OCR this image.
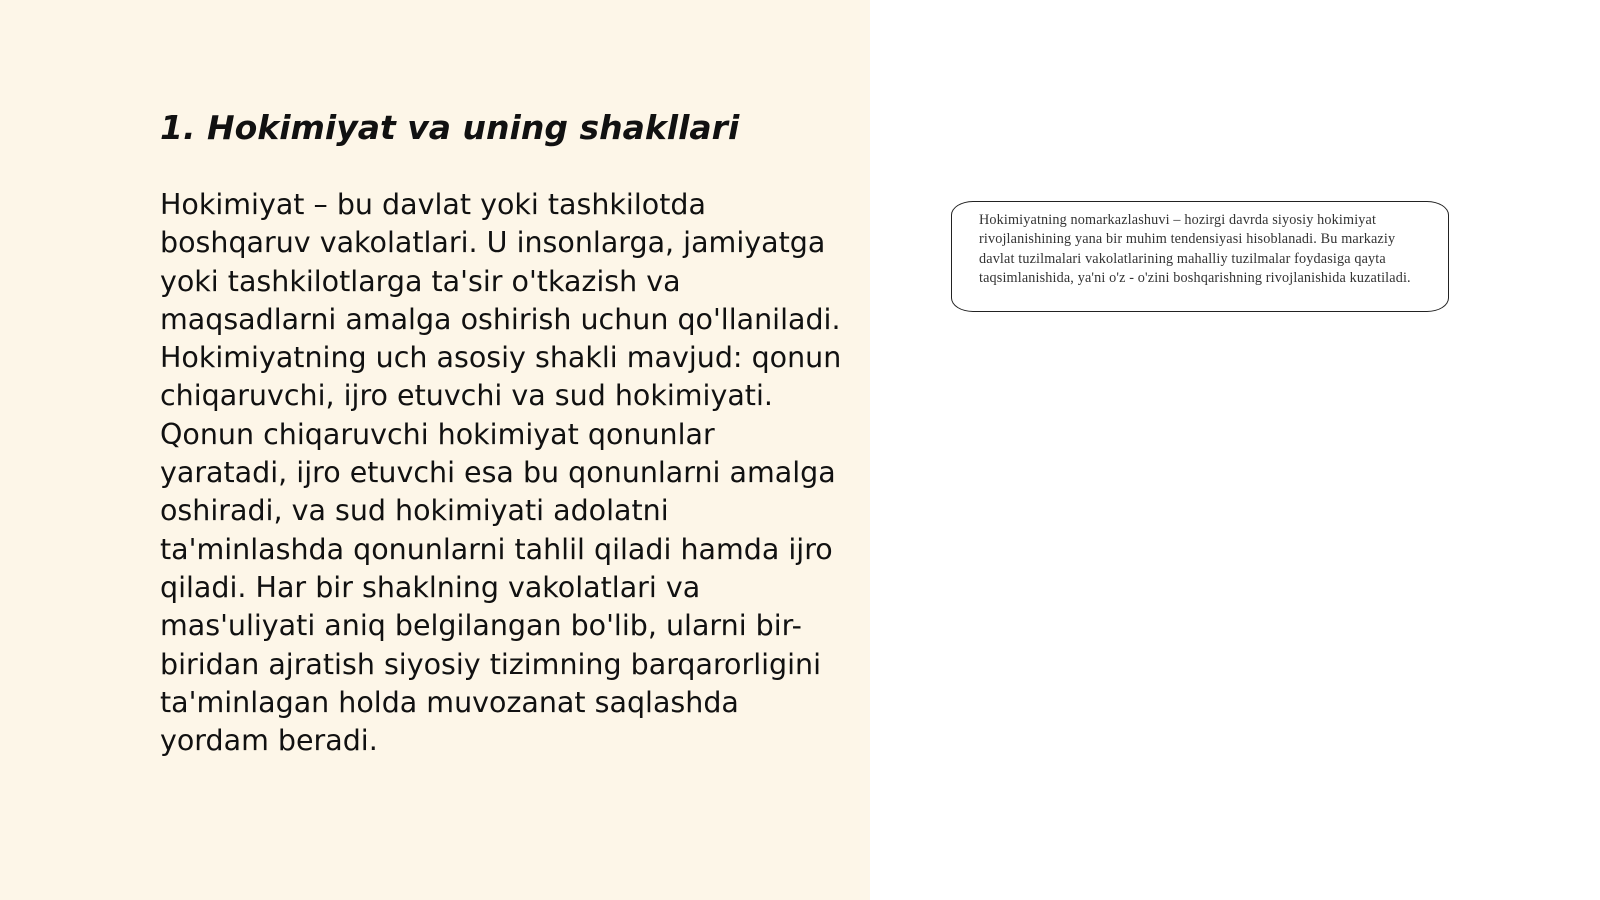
1. Hokimiyat va uning shakllari

Hokimiyat – bu davlat yoki tashkilotda boshqaruv vakolatlari. U insonlarga, jamiyatga yoki tashkilotlarga ta'sir o'tkazish va maqsadlarni amalga oshirish uchun qo'llaniladi. Hokimiyatning uch asosiy shakli mavjud: qonun chiqaruvchi, ijro etuvchi va sud hokimiyati. Qonun chiqaruvchi hokimiyat qonunlar yaratadi, ijro etuvchi esa bu qonunlarni amalga oshiradi, va sud hokimiyati adolatni ta'minlashda qonunlarni tahlil qiladi hamda ijro qiladi. Har bir shaklning vakolatlari va mas'uliyati aniq belgilangan bo'lib, ularni bir-biridan ajratish siyosiy tizimning barqarorligini ta'minlagan holda muvozanat saqlashda yordam beradi.

Hokimiyatning nomarkazlashuvi – hozirgi davrda siyosiy hokimiyat rivojlanishining yana bir muhim tendensiyasi hisoblanadi. Bu markaziy davlat tuzilmalari vakolatlarining mahalliy tuzilmalar foydasiga qayta taqsimlanishida, ya'ni o'z - o'zini boshqarishning rivojlanishida kuzatiladi.
